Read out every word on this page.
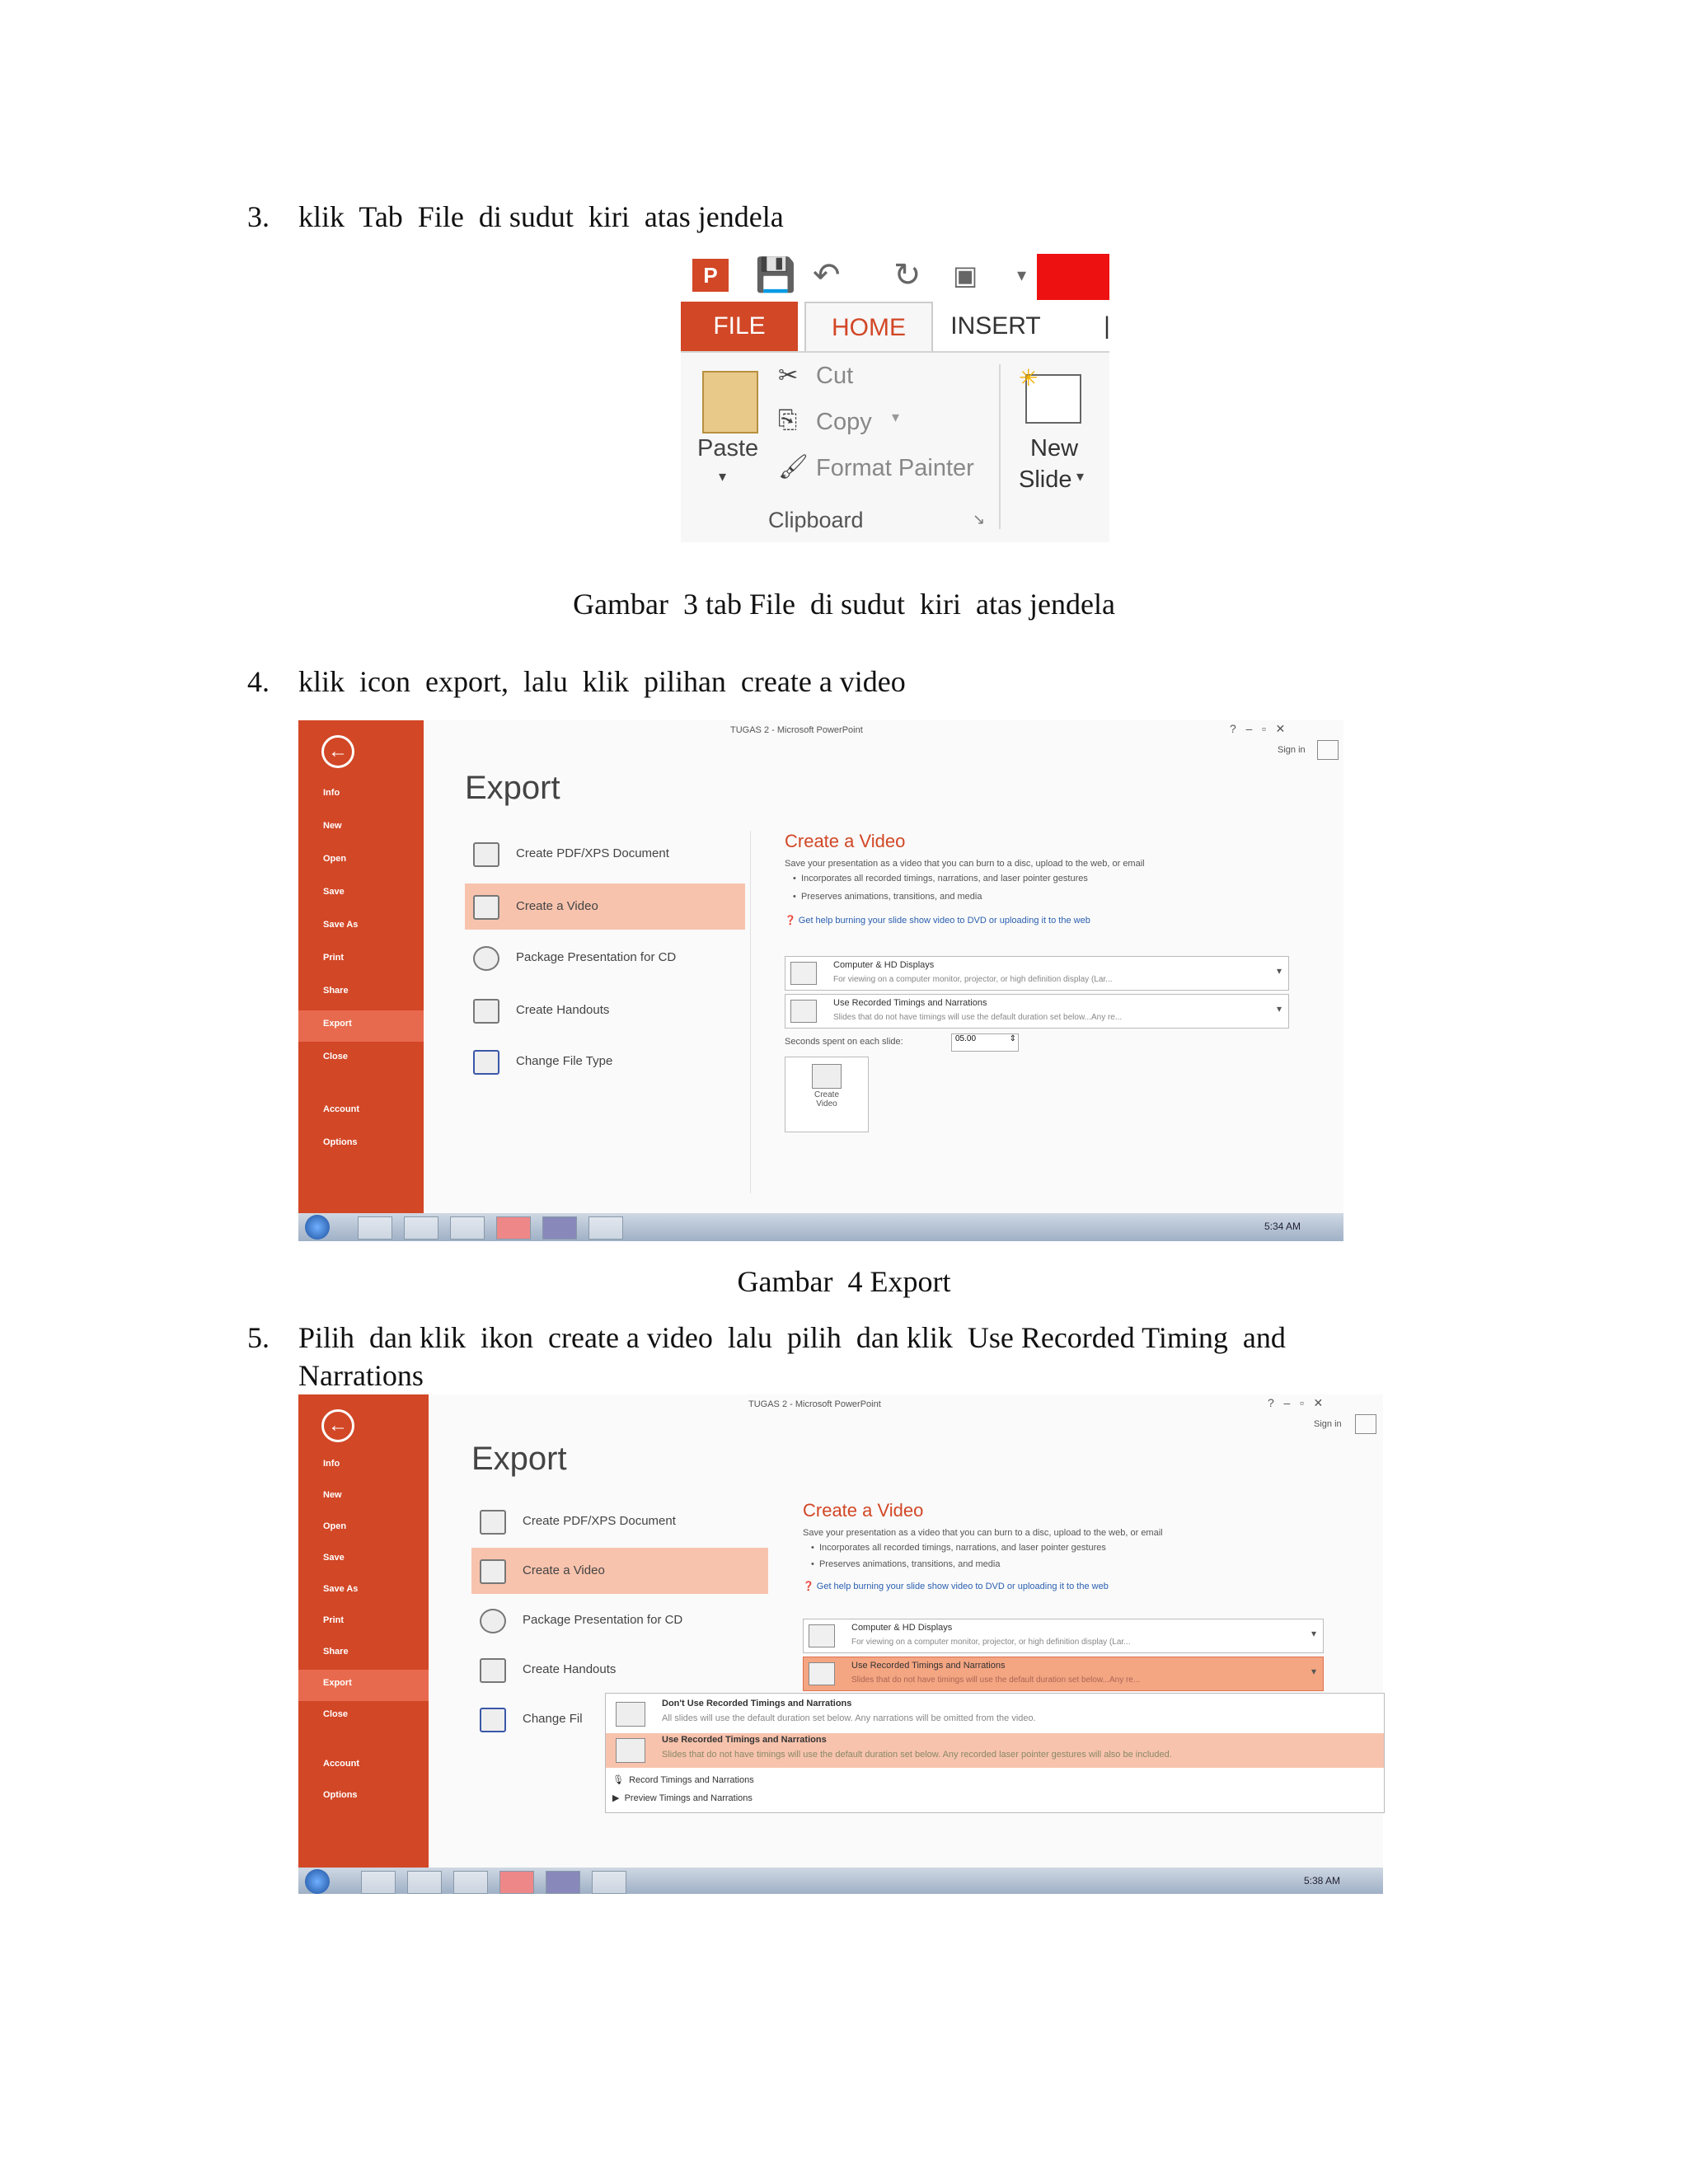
3. klik  Tab  File  di sudut  kiri  atas jendela
P	💾 ↶ ↻ ▣ ▾
FILE	HOME	INSERT	|
Paste
▾
✂ Cut
⎘ Copy ▾
🖌 Format Painter
Clipboard	↘
✳
New
Slide ▾
Gambar  3 tab File  di sudut  kiri  atas jendela
4. klik  icon  export,  lalu  klik  pilihan  create a video
←
Info
New
Open
Save
Save As
Print
Share
Export
Close
Account
Options
TUGAS 2 - Microsoft PowerPoint	?   –   ▫   ✕
Sign in
Export
Create PDF/XPS Document
Create a Video
Package Presentation for CD
Create Handouts
Change File Type
Create a Video
Save your presentation as a video that you can burn to a disc, upload to the web, or email
•  Incorporates all recorded timings, narrations, and laser pointer gestures
•  Preserves animations, transitions, and media
❓ Get help burning your slide show video to DVD or uploading it to the web
Computer & HD Displays
For viewing on a computer monitor, projector, or high definition display (Lar...
▾
Use Recorded Timings and Narrations
Slides that do not have timings will use the default duration set below...Any re...
▾
Seconds spent on each slide:	05.00	⇕
Create
Video
5:34 AM
Gambar  4 Export
5. Pilih  dan klik  ikon  create a video  lalu  pilih  dan klik  Use Recorded Timing  and
Narrations
←
Info
New
Open
Save
Save As
Print
Share
Export
Close
Account
Options
TUGAS 2 - Microsoft PowerPoint	?   –   ▫   ✕
Sign in
Export
Create PDF/XPS Document
Create a Video
Package Presentation for CD
Create Handouts
Change Fil
Create a Video
Save your presentation as a video that you can burn to a disc, upload to the web, or email
•  Incorporates all recorded timings, narrations, and laser pointer gestures
•  Preserves animations, transitions, and media
❓ Get help burning your slide show video to DVD or uploading it to the web
Computer & HD Displays
For viewing on a computer monitor, projector, or high definition display (Lar...
▾
Use Recorded Timings and Narrations
Slides that do not have timings will use the default duration set below...Any re...
▾
Don't Use Recorded Timings and Narrations
All slides will use the default duration set below. Any narrations will be omitted from the video.
Use Recorded Timings and Narrations
Slides that do not have timings will use the default duration set below. Any recorded laser pointer gestures will also be included.
🎙 Record Timings and Narrations
▶ Preview Timings and Narrations
5:38 AM
